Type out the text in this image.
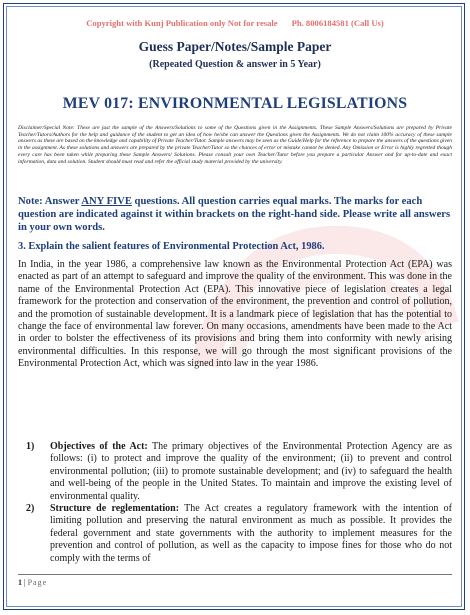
Copyright with Kunj Publication only Not for resale Ph. 8006184581 (Call Us)
Guess Paper/Notes/Sample Paper
(Repeated Question & answer in 5 Year)
MEV 017: ENVIRONMENTAL LEGISLATIONS
Disclaimer/Special Note: These are just the sample of the Answers/Solutions to some of the Questions given in the Assignments. These Sample Answers/Solutions are prepared by Private Teacher/Tutors/Authors for the help and guidance of the student to get an idea of how he/she can answer the Questions given the Assignments. We do not claim 100% accuracy of these sample answers as these are based on the knowledge and capability of Private Teacher/Tutor. Sample answers may be seen as the Guide/Help for the reference to prepare the answers of the questions given in the assignment. As these solutions and answers are prepared by the private Teacher/Tutor so the chances of error or mistake cannot be denied. Any Omission or Error is highly regretted though every care has been taken while preparing these Sample Answers/ Solutions. Please consult your own Teacher/Tutor before you prepare a particular Answer and for up-to-date and exact information, data and solution. Student should must read and refer the official study material provided by the university.
Note: Answer ANY FIVE questions. All question carries equal marks. The marks for each question are indicated against it within brackets on the right-hand side. Please write all answers in your own words.
3. Explain the salient features of Environmental Protection Act, 1986.
In India, in the year 1986, a comprehensive law known as the Environmental Protection Act (EPA) was enacted as part of an attempt to safeguard and improve the quality of the environment. This was done in the name of the Environmental Protection Act (EPA). This innovative piece of legislation creates a legal framework for the protection and conservation of the environment, the prevention and control of pollution, and the promotion of sustainable development. It is a landmark piece of legislation that has the potential to change the face of environmental law forever. On many occasions, amendments have been made to the Act in order to bolster the effectiveness of its provisions and bring them into conformity with newly arising environmental difficulties. In this response, we will go through the most significant provisions of the Environmental Protection Act, which was signed into law in the year 1986.
1) Objectives of the Act: The primary objectives of the Environmental Protection Agency are as follows: (i) to protect and improve the quality of the environment; (ii) to prevent and control environmental pollution; (iii) to promote sustainable development; and (iv) to safeguard the health and well-being of the people in the United States. To maintain and improve the existing level of environmental quality.
2) Structure de reglementation: The Act creates a regulatory framework with the intention of limiting pollution and preserving the natural environment as much as possible. It provides the federal government and state governments with the authority to implement measures for the prevention and control of pollution, as well as the capacity to impose fines for those who do not comply with the terms of
1 | Page
